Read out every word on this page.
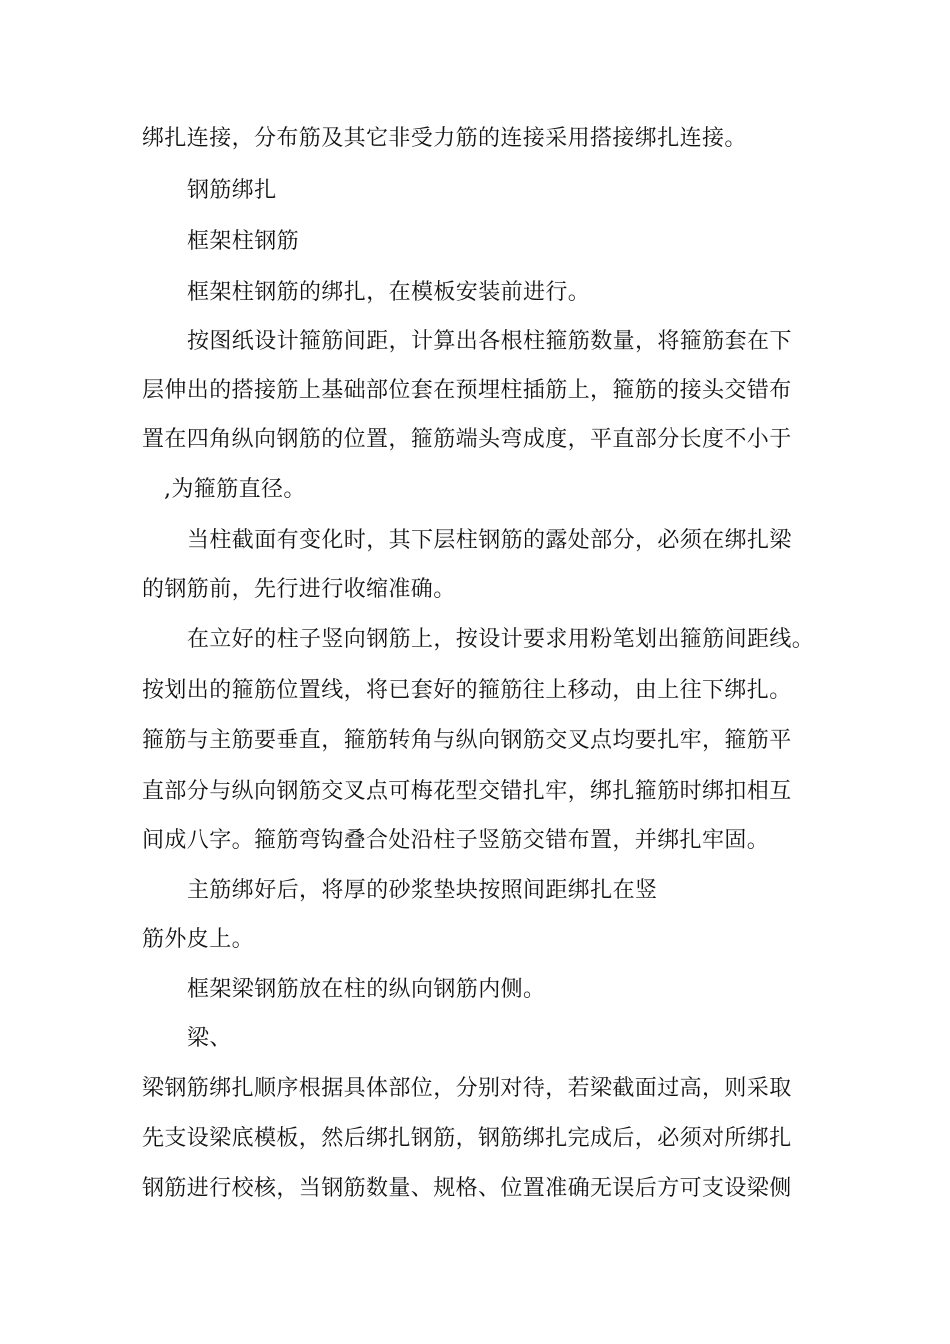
绑扎连接，分布筋及其它非受力筋的连接采用搭接绑扎连接。
钢筋绑扎
框架柱钢筋
框架柱钢筋的绑扎，在模板安装前进行。
按图纸设计箍筋间距，计算出各根柱箍筋数量，将箍筋套在下
层伸出的搭接筋上基础部位套在预埋柱插筋上，箍筋的接头交错布
置在四角纵向钢筋的位置，箍筋端头弯成度，平直部分长度不小于
,为箍筋直径。
当柱截面有变化时，其下层柱钢筋的露处部分，必须在绑扎梁
的钢筋前，先行进行收缩准确。
在立好的柱子竖向钢筋上，按设计要求用粉笔划出箍筋间距线。
按划出的箍筋位置线，将已套好的箍筋往上移动，由上往下绑扎。
箍筋与主筋要垂直，箍筋转角与纵向钢筋交叉点均要扎牢，箍筋平
直部分与纵向钢筋交叉点可梅花型交错扎牢，绑扎箍筋时绑扣相互
间成八字。箍筋弯钩叠合处沿柱子竖筋交错布置，并绑扎牢固。
主筋绑好后，将厚的砂浆垫块按照间距绑扎在竖
筋外皮上。
框架梁钢筋放在柱的纵向钢筋内侧。
梁、
梁钢筋绑扎顺序根据具体部位，分别对待，若梁截面过高，则采取
先支设梁底模板，然后绑扎钢筋，钢筋绑扎完成后，必须对所绑扎
钢筋进行校核，当钢筋数量、规格、位置准确无误后方可支设梁侧
